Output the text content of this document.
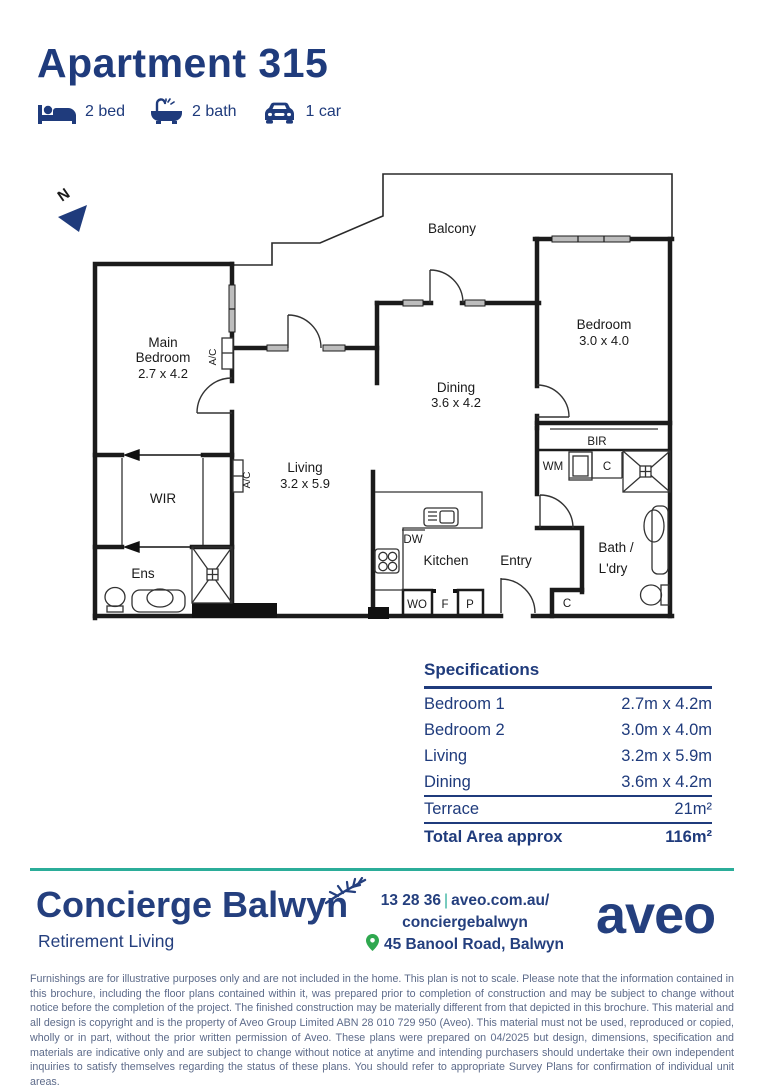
N
Balcony
Main
Bedroom
2.7 x 4.2
Bedroom
3.0 x 4.0
Dining
3.6 x 4.2
Living
3.2 x 5.9
WIR
Ens
Kitchen Entry
Bath /
L'dry
BIR
WM	C
DW
WO F P	C
A/C
A/C
Apartment 315
2 bed	2 bath	1 car
Specifications
Bedroom 1	2.7m x 4.2m
Bedroom 2	3.0m x 4.0m
Living	3.2m x 5.9m
Dining	3.6m x 4.2m
Terrace	21m²
Total Area approx	116m²
Concierge Balwyn
Retirement Living
13 28 36 | aveo.com.au/
conciergebalwyn
45 Banool Road, Balwyn aveo
Furnishings are for illustrative purposes only and are not included in the home. This plan is not to scale. Please note that the information contained in this brochure, including the floor plans contained within it, was prepared prior to completion of construction and may be subject to change without notice before the completion of the project. The finished construction may be materially different from that depicted in this brochure. This material and all design is copyright and is the property of Aveo Group Limited ABN 28 010 729 950 (Aveo). This material must not be used, reproduced or copied, wholly or in part, without the prior written permission of Aveo. These plans were prepared on 04/2025 but design, dimensions, specification and materials are indicative only and are subject to change without notice at anytime and intending purchasers should undertake their own independent inquiries to satisfy themselves regarding the status of these plans. You should refer to appropriate Survey Plans for confirmation of individual unit areas.
